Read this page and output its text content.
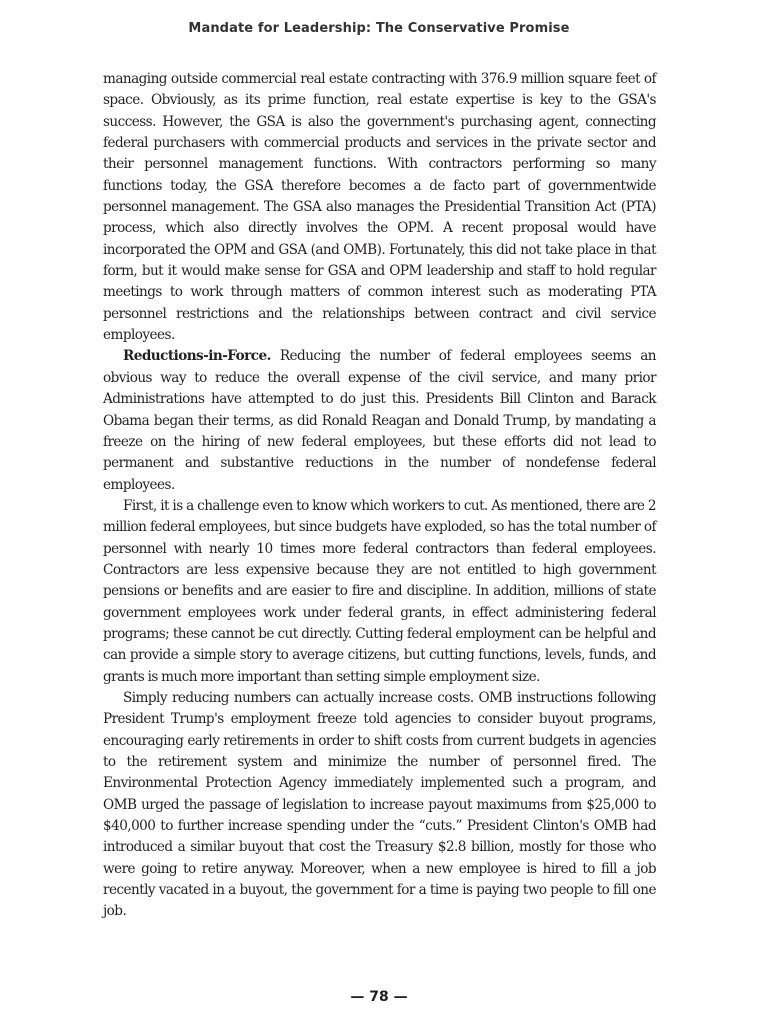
Mandate for Leadership: The Conservative Promise

managing outside commercial real estate contracting with 376.9 million square feet of space. Obviously, as its prime function, real estate expertise is key to the GSA's success. However, the GSA is also the government's purchasing agent, connecting federal purchasers with commercial products and services in the private sector and their personnel management functions. With contractors performing so many functions today, the GSA therefore becomes a de facto part of governmentwide personnel management. The GSA also manages the Presidential Transition Act (PTA) process, which also directly involves the OPM. A recent proposal would have incorporated the OPM and GSA (and OMB). Fortunately, this did not take place in that form, but it would make sense for GSA and OPM leadership and staff to hold regular meetings to work through matters of common interest such as moderating PTA personnel restrictions and the relationships between contract and civil service employees.

Reductions-in-Force. Reducing the number of federal employees seems an obvious way to reduce the overall expense of the civil service, and many prior Administrations have attempted to do just this. Presidents Bill Clinton and Barack Obama began their terms, as did Ronald Reagan and Donald Trump, by mandating a freeze on the hiring of new federal employees, but these efforts did not lead to permanent and substantive reductions in the number of nondefense federal employees.

First, it is a challenge even to know which workers to cut. As mentioned, there are 2 million federal employees, but since budgets have exploded, so has the total number of personnel with nearly 10 times more federal contractors than federal employees. Contractors are less expensive because they are not entitled to high government pensions or benefits and are easier to fire and discipline. In addition, millions of state government employees work under federal grants, in effect administering federal programs; these cannot be cut directly. Cutting federal employment can be helpful and can provide a simple story to average citizens, but cutting functions, levels, funds, and grants is much more important than setting simple employment size.

Simply reducing numbers can actually increase costs. OMB instructions following President Trump's employment freeze told agencies to consider buyout programs, encouraging early retirements in order to shift costs from current budgets in agencies to the retirement system and minimize the number of personnel fired. The Environmental Protection Agency immediately implemented such a program, and OMB urged the passage of legislation to increase payout maximums from $25,000 to $40,000 to further increase spending under the “cuts.” President Clinton's OMB had introduced a similar buyout that cost the Treasury $2.8 billion, mostly for those who were going to retire anyway. Moreover, when a new employee is hired to fill a job recently vacated in a buyout, the government for a time is paying two people to fill one job.

— 78 —
